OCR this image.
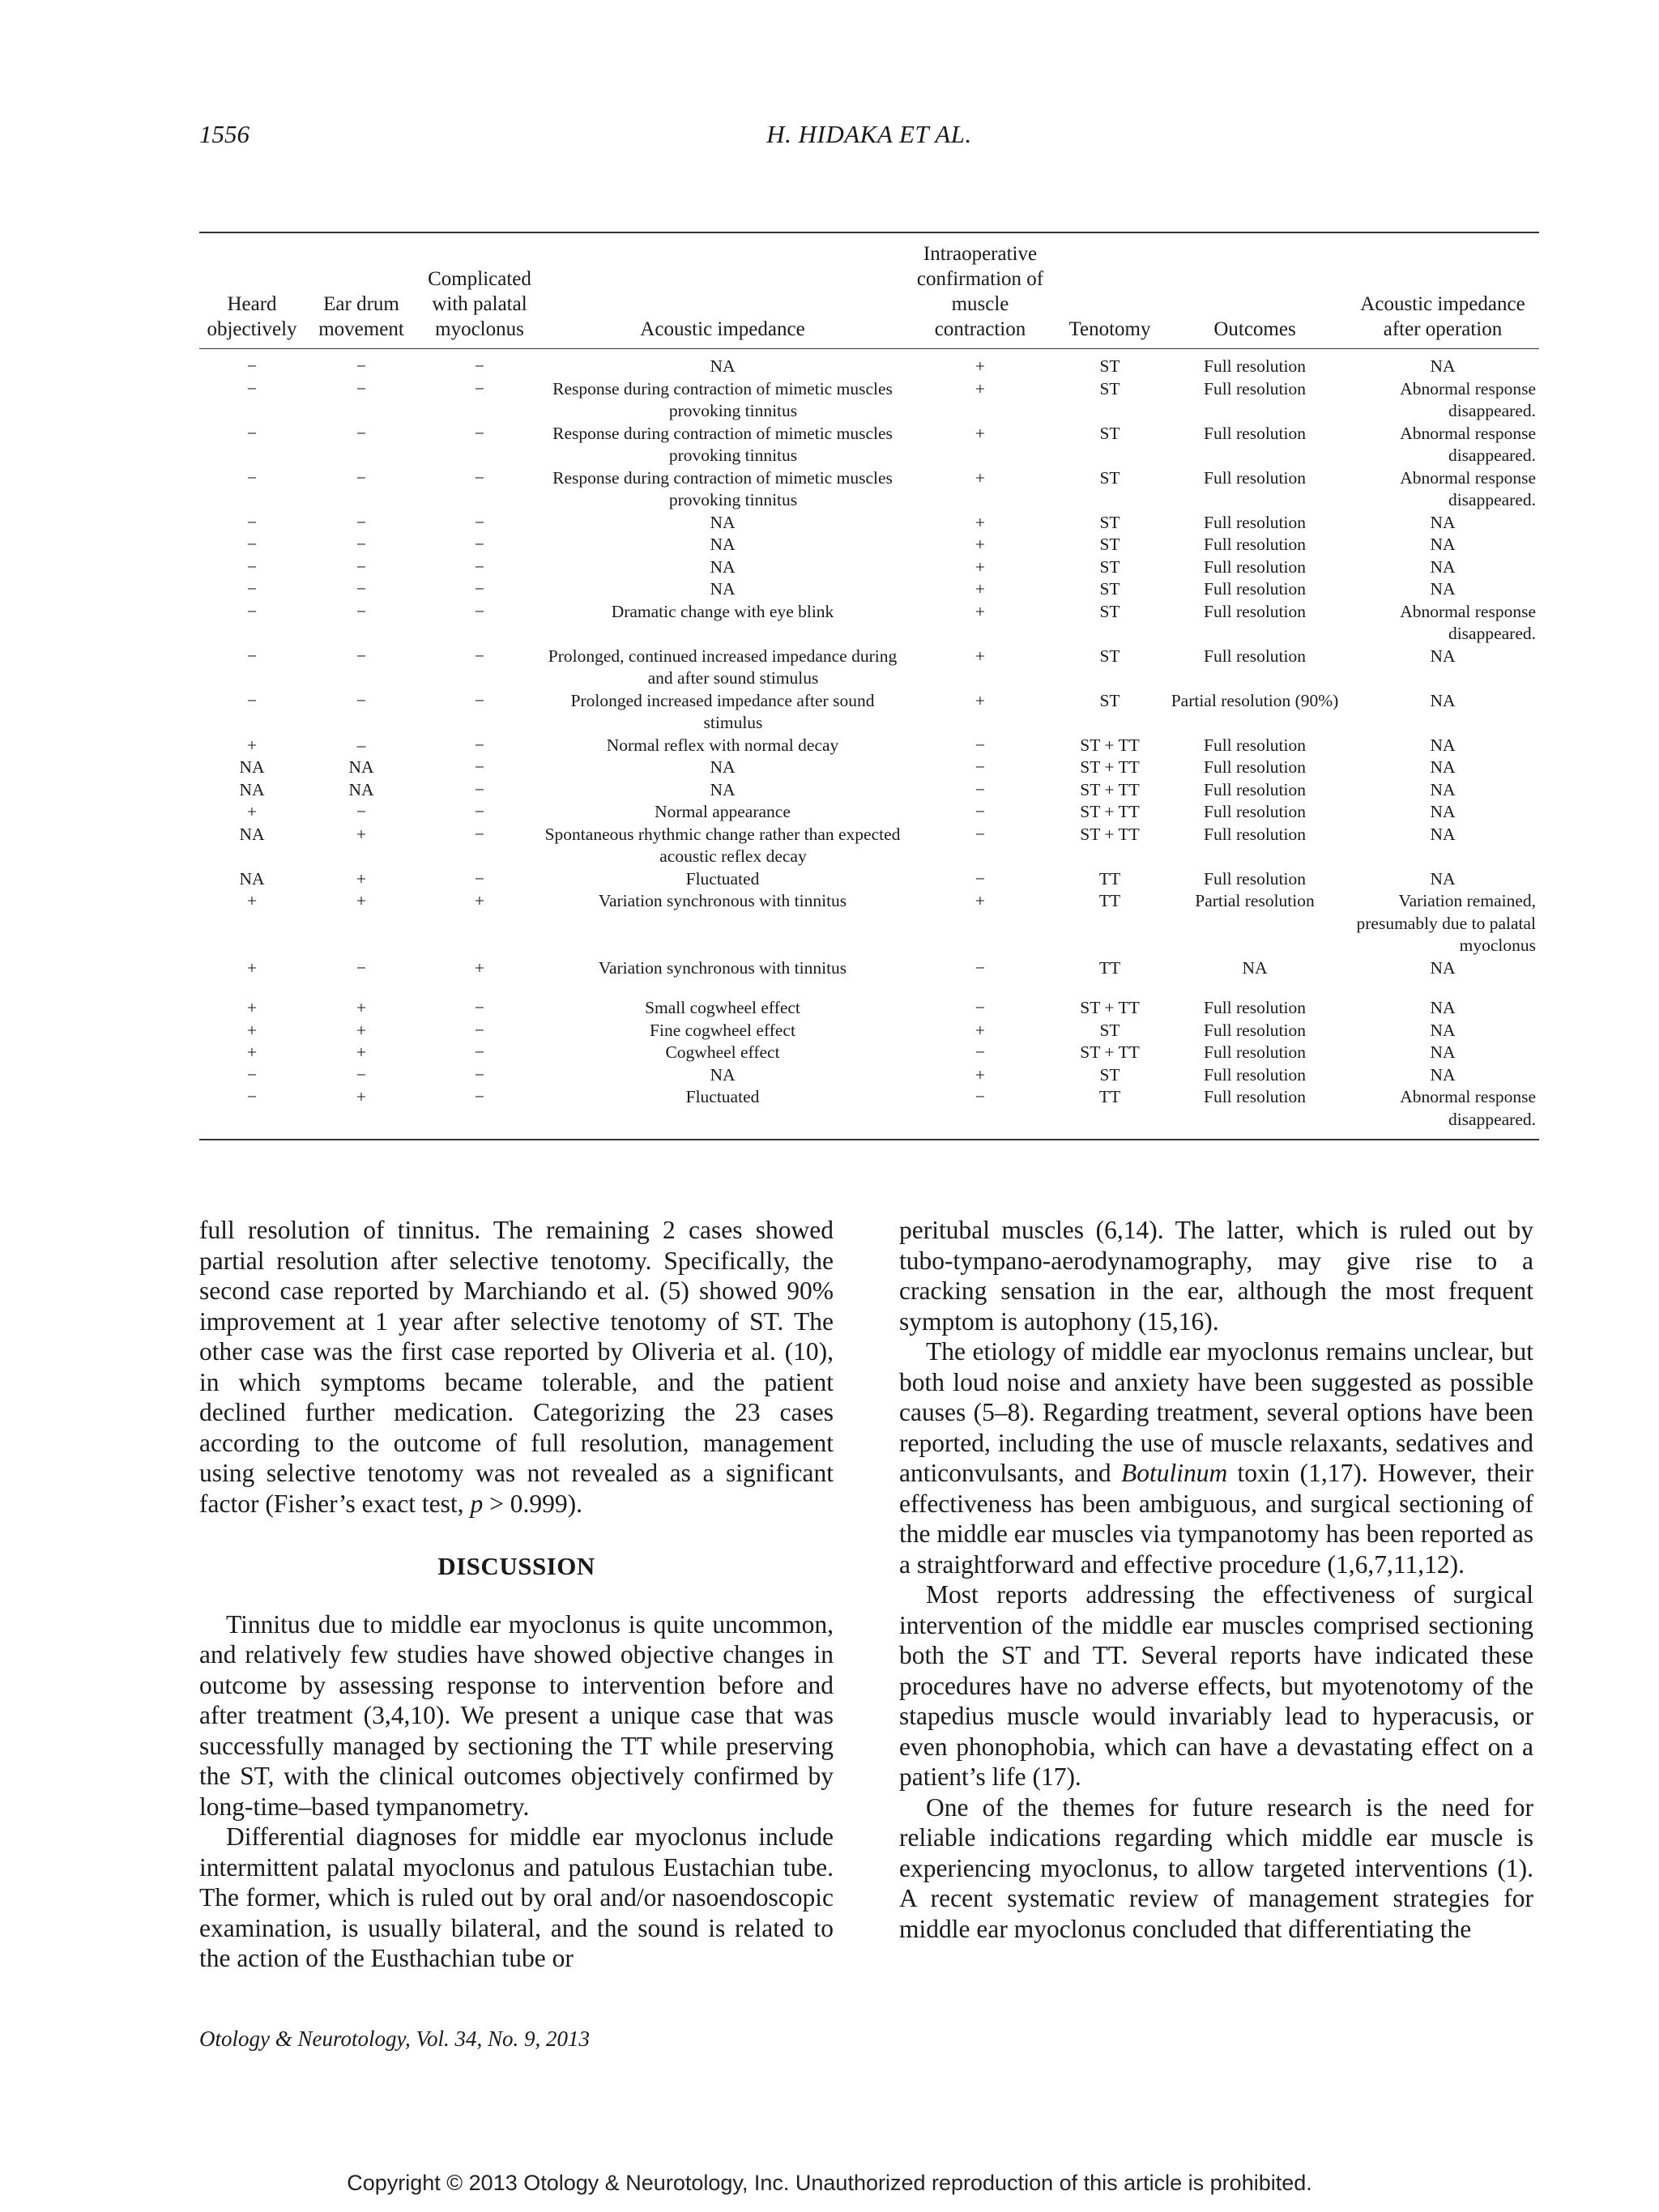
1556	H. HIDAKA ET AL.
Heard objectively	Ear drum movement	Complicated with palatal myoclonus	Acoustic impedance	Intraoperative confirmation of muscle contraction	Tenotomy	Outcomes	Acoustic impedance after operation
−	−	−	NA	+	ST	Full resolution	NA
−	−	−	Response during contraction of mimetic muscles provoking tinnitus	+	ST	Full resolution	Abnormal response disappeared.
−	−	−	Response during contraction of mimetic muscles provoking tinnitus	+	ST	Full resolution	Abnormal response disappeared.
−	−	−	Response during contraction of mimetic muscles provoking tinnitus	+	ST	Full resolution	Abnormal response disappeared.
−	−	−	NA	+	ST	Full resolution	NA
−	−	−	NA	+	ST	Full resolution	NA
−	−	−	NA	+	ST	Full resolution	NA
−	−	−	NA	+	ST	Full resolution	NA
−	−	−	Dramatic change with eye blink	+	ST	Full resolution	Abnormal response disappeared.
−	−	−	Prolonged, continued increased impedance during and after sound stimulus	+	ST	Full resolution	NA
−	−	−	Prolonged increased impedance after sound stimulus	+	ST	Partial resolution (90%)	NA
+	–	−	Normal reflex with normal decay	−	ST + TT	Full resolution	NA
NA	NA	−	NA	−	ST + TT	Full resolution	NA
NA	NA	−	NA	−	ST + TT	Full resolution	NA
+	−	−	Normal appearance	−	ST + TT	Full resolution	NA
NA	+	−	Spontaneous rhythmic change rather than expected acoustic reflex decay	−	ST + TT	Full resolution	NA
NA	+	−	Fluctuated	−	TT	Full resolution	NA
+	+	+	Variation synchronous with tinnitus	+	TT	Partial resolution	Variation remained, presumably due to palatal myoclonus
+	−	+	Variation synchronous with tinnitus	−	TT	NA	NA
+	+	−	Small cogwheel effect	−	ST + TT	Full resolution	NA
+	+	−	Fine cogwheel effect	+	ST	Full resolution	NA
+	+	−	Cogwheel effect	−	ST + TT	Full resolution	NA
−	−	−	NA	+	ST	Full resolution	NA
−	+	−	Fluctuated	−	TT	Full resolution	Abnormal response disappeared.

full resolution of tinnitus. The remaining 2 cases showed partial resolution after selective tenotomy. Specifically, the second case reported by Marchiando et al. (5) showed 90% improvement at 1 year after selective tenotomy of ST. The other case was the first case reported by Oliveria et al. (10), in which symptoms became tolerable, and the patient declined further medication. Categorizing the 23 cases according to the outcome of full resolution, management using selective tenotomy was not revealed as a significant factor (Fisher’s exact test, p > 0.999).

DISCUSSION

Tinnitus due to middle ear myoclonus is quite uncommon, and relatively few studies have showed objective changes in outcome by assessing response to intervention before and after treatment (3,4,10). We present a unique case that was successfully managed by sectioning the TT while preserving the ST, with the clinical outcomes objectively confirmed by long-time–based tympanometry.

Differential diagnoses for middle ear myoclonus include intermittent palatal myoclonus and patulous Eustachian tube. The former, which is ruled out by oral and/or nasoendoscopic examination, is usually bilateral, and the sound is related to the action of the Eusthachian tube or

peritubal muscles (6,14). The latter, which is ruled out by tubo-tympano-aerodynamography, may give rise to a cracking sensation in the ear, although the most frequent symptom is autophony (15,16).

The etiology of middle ear myoclonus remains unclear, but both loud noise and anxiety have been suggested as possible causes (5–8). Regarding treatment, several options have been reported, including the use of muscle relaxants, sedatives and anticonvulsants, and Botulinum toxin (1,17). However, their effectiveness has been ambiguous, and surgical sectioning of the middle ear muscles via tympanotomy has been reported as a straightforward and effective procedure (1,6,7,11,12).

Most reports addressing the effectiveness of surgical intervention of the middle ear muscles comprised sectioning both the ST and TT. Several reports have indicated these procedures have no adverse effects, but myotenotomy of the stapedius muscle would invariably lead to hyperacusis, or even phonophobia, which can have a devastating effect on a patient’s life (17).

One of the themes for future research is the need for reliable indications regarding which middle ear muscle is experiencing myoclonus, to allow targeted interventions (1). A recent systematic review of management strategies for middle ear myoclonus concluded that differentiating the

Otology & Neurotology, Vol. 34, No. 9, 2013
Copyright © 2013 Otology & Neurotology, Inc. Unauthorized reproduction of this article is prohibited.
